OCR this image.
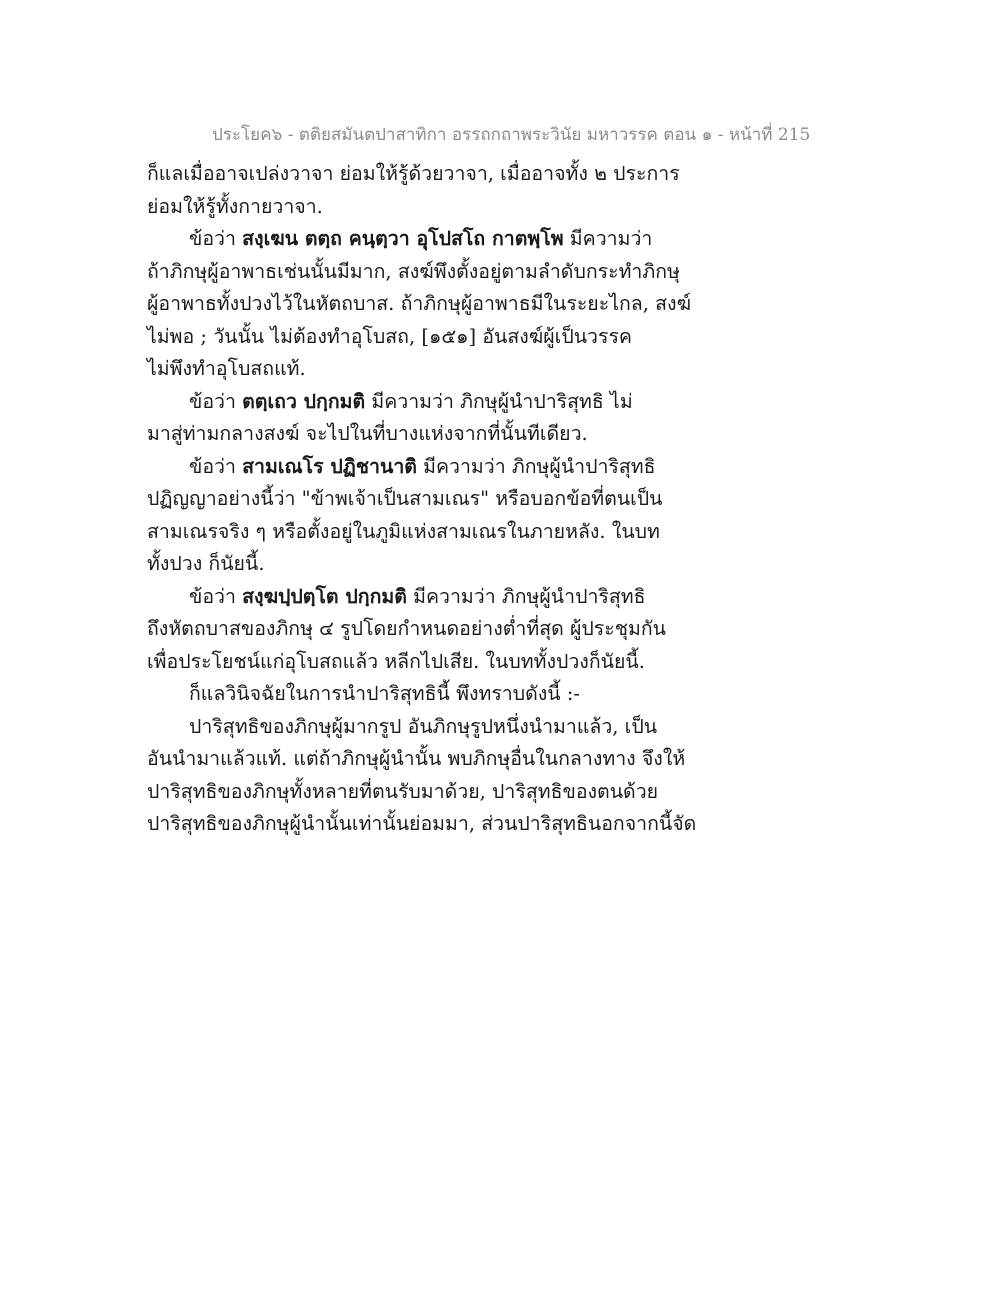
ประโยค๖ - ตติยสมันตปาสาทิกา อรรถกถาพระวินัย มหาวรรค ตอน ๑ - หน้าที่ 215
ก็แลเมื่ออาจเปล่งวาจา ย่อมให้รู้ด้วยวาจา, เมื่ออาจทั้ง ๒ ประการ
ย่อมให้รู้ทั้งกายวาจา.
ข้อว่า สงฺเฆน ตตฺถ คนฺตฺวา อุโปสโถ กาตพฺโพ มีความว่า
ถ้าภิกษุผู้อาพาธเช่นนั้นมีมาก, สงฆ์พึงตั้งอยู่ตามลำดับกระทำภิกษุ
ผู้อาพาธทั้งปวงไว้ในหัตถบาส. ถ้าภิกษุผู้อาพาธมีในระยะไกล, สงฆ์
ไม่พอ ; วันนั้น ไม่ต้องทำอุโบสถ, [๑๕๑] อันสงฆ์ผู้เป็นวรรค
ไม่พึงทำอุโบสถแท้.
ข้อว่า ตตฺเถว ปกฺกมติ มีความว่า ภิกษุผู้นำปาริสุทธิ ไม่
มาสู่ท่ามกลางสงฆ์ จะไปในที่บางแห่งจากที่นั้นทีเดียว.
ข้อว่า สามเณโร ปฏิชานาติ มีความว่า ภิกษุผู้นำปาริสุทธิ
ปฏิญญาอย่างนี้ว่า "ข้าพเจ้าเป็นสามเณร" หรือบอกข้อที่ตนเป็น
สามเณรจริง ๆ หรือตั้งอยู่ในภูมิแห่งสามเณรในภายหลัง. ในบท
ทั้งปวง ก็นัยนี้.
ข้อว่า สงฺฆปฺปตฺโต ปกฺกมติ มีความว่า ภิกษุผู้นำปาริสุทธิ
ถึงหัตถบาสของภิกษุ ๔ รูปโดยกำหนดอย่างต่ำที่สุด ผู้ประชุมกัน
เพื่อประโยชน์แก่อุโบสถแล้ว หลีกไปเสีย. ในบททั้งปวงก็นัยนี้.
ก็แลวินิจฉัยในการนำปาริสุทธินี้ พึงทราบดังนี้ :-
ปาริสุทธิของภิกษุผู้มากรูป อันภิกษุรูปหนึ่งนำมาแล้ว, เป็น
อันนำมาแล้วแท้. แต่ถ้าภิกษุผู้นำนั้น พบภิกษุอื่นในกลางทาง จึงให้
ปาริสุทธิของภิกษุทั้งหลายที่ตนรับมาด้วย, ปาริสุทธิของตนด้วย
ปาริสุทธิของภิกษุผู้นำนั้นเท่านั้นย่อมมา, ส่วนปาริสุทธินอกจากนี้จัด
